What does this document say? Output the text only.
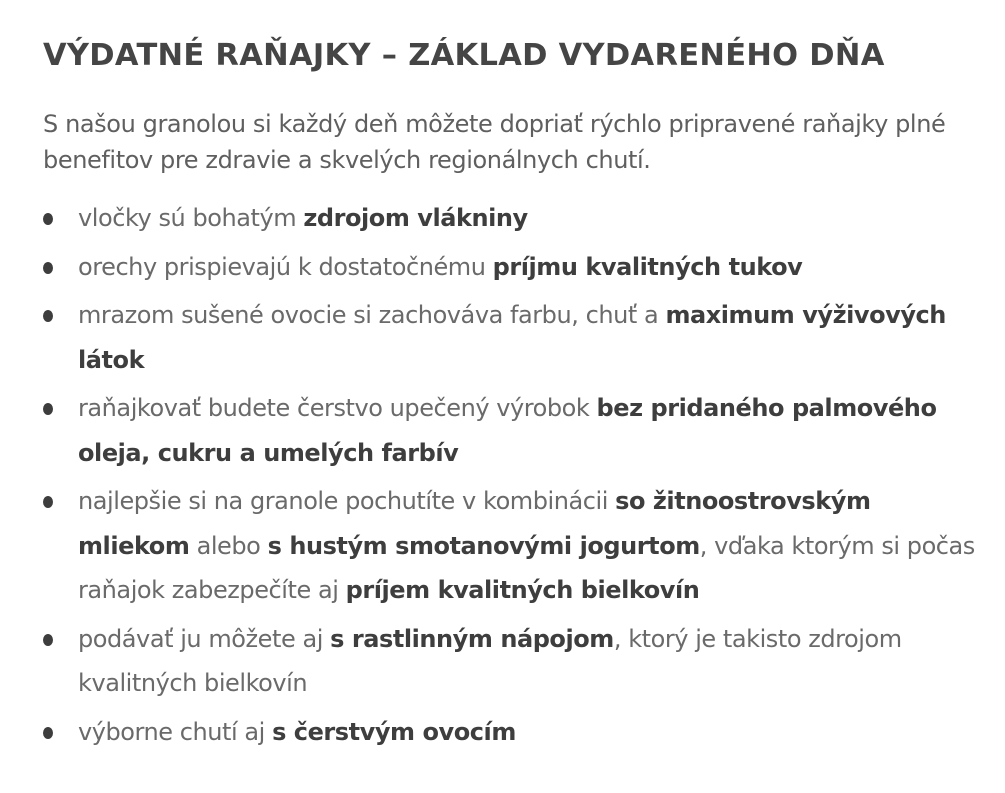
VÝDATNÉ RAŇAJKY – ZÁKLAD VYDARENÉHO DŇA

S našou granolou si každý deň môžete dopriať rýchlo pripravené raňajky plné benefitov pre zdravie a skvelých regionálnych chutí.

vločky sú bohatým zdrojom vlákniny
orechy prispievajú k dostatočnému príjmu kvalitných tukov
mrazom sušené ovocie si zachováva farbu, chuť a maximum výživových látok
raňajkovať budete čerstvo upečený výrobok bez pridaného palmového oleja, cukru a umelých farbív
najlepšie si na granole pochutíte v kombinácii so žitnoostrovským mliekom alebo s hustým smotanovými jogurtom, vďaka ktorým si počas raňajok zabezpečíte aj príjem kvalitných bielkovín
podávať ju môžete aj s rastlinným nápojom, ktorý je takisto zdrojom kvalitných bielkovín
výborne chutí aj s čerstvým ovocím
